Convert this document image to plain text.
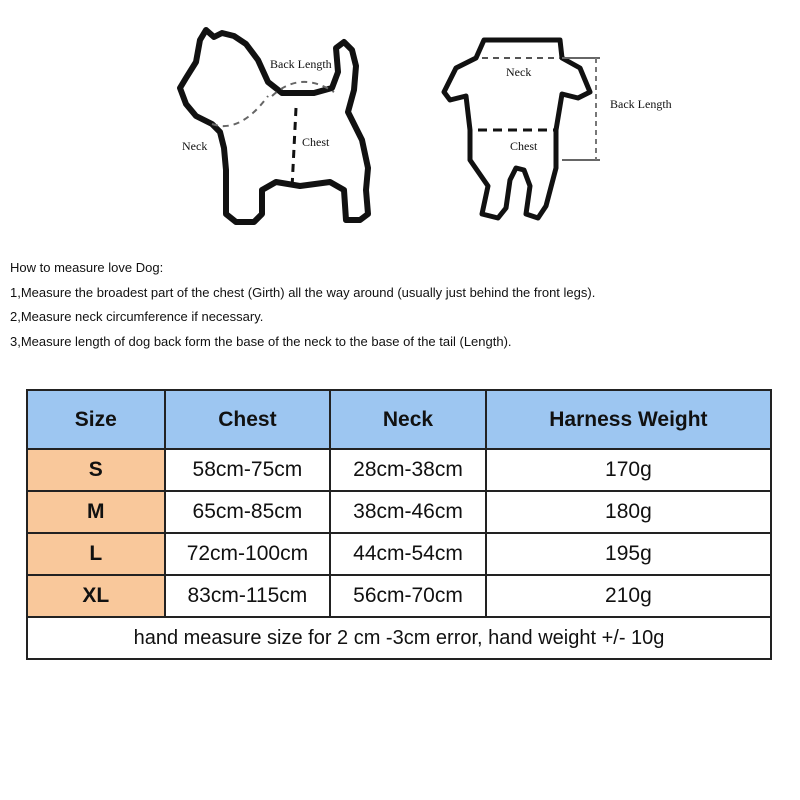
Back Length
Neck	Chest
Neck
Back Length
Chest
How to measure love Dog:
1,Measure the broadest part of the chest (Girth) all the way around (usually just behind the front legs).
2,Measure neck circumference if necessary.
3,Measure length of dog back form the base of the neck to the base of the tail (Length).
Size	Chest	Neck	Harness Weight
S	58cm-75cm	28cm-38cm	170g
M	65cm-85cm	38cm-46cm	180g
L	72cm-100cm	44cm-54cm	195g
XL	83cm-115cm	56cm-70cm	210g
hand measure size for 2 cm -3cm error, hand weight +/- 10g			
